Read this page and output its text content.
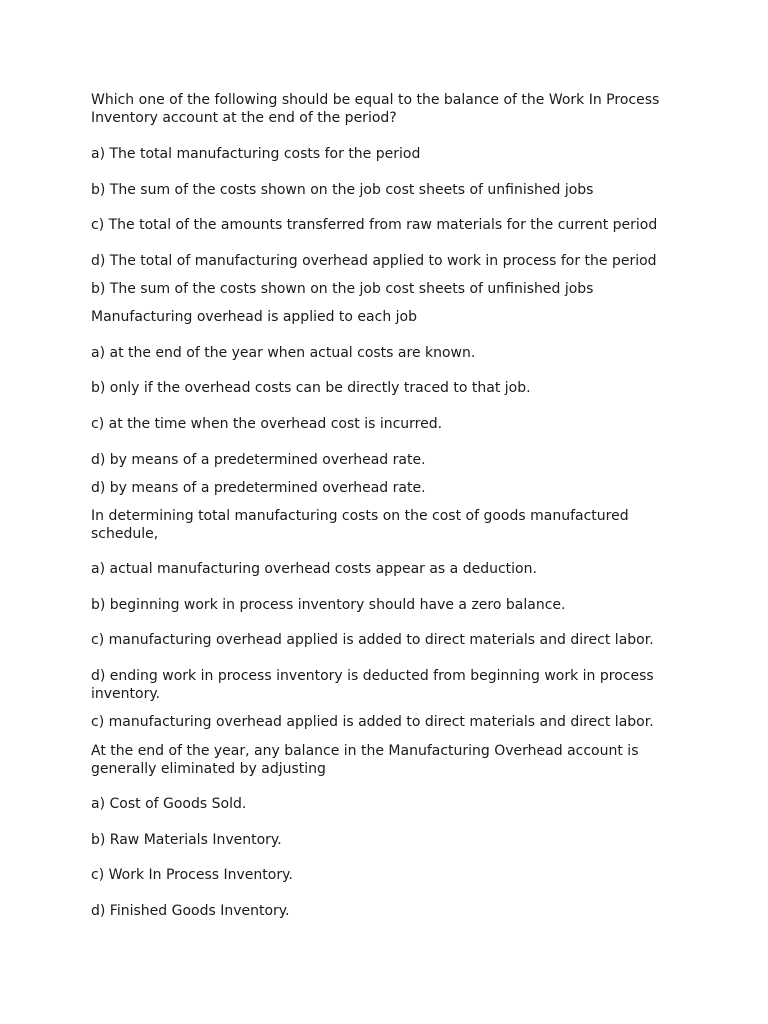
Which one of the following should be equal to the balance of the Work In Process Inventory account at the end of the period?

a) The total manufacturing costs for the period

b) The sum of the costs shown on the job cost sheets of unfinished jobs

c) The total of the amounts transferred from raw materials for the current period

d) The total of manufacturing overhead applied to work in process for the period

b) The sum of the costs shown on the job cost sheets of unfinished jobs

Manufacturing overhead is applied to each job

a) at the end of the year when actual costs are known.

b) only if the overhead costs can be directly traced to that job.

c) at the time when the overhead cost is incurred.

d) by means of a predetermined overhead rate.

d) by means of a predetermined overhead rate.

In determining total manufacturing costs on the cost of goods manufactured schedule,

a) actual manufacturing overhead costs appear as a deduction.

b) beginning work in process inventory should have a zero balance.

c) manufacturing overhead applied is added to direct materials and direct labor.

d) ending work in process inventory is deducted from beginning work in process inventory.

c) manufacturing overhead applied is added to direct materials and direct labor.

At the end of the year, any balance in the Manufacturing Overhead account is generally eliminated by adjusting

a) Cost of Goods Sold.

b) Raw Materials Inventory.

c) Work In Process Inventory.

d) Finished Goods Inventory.
